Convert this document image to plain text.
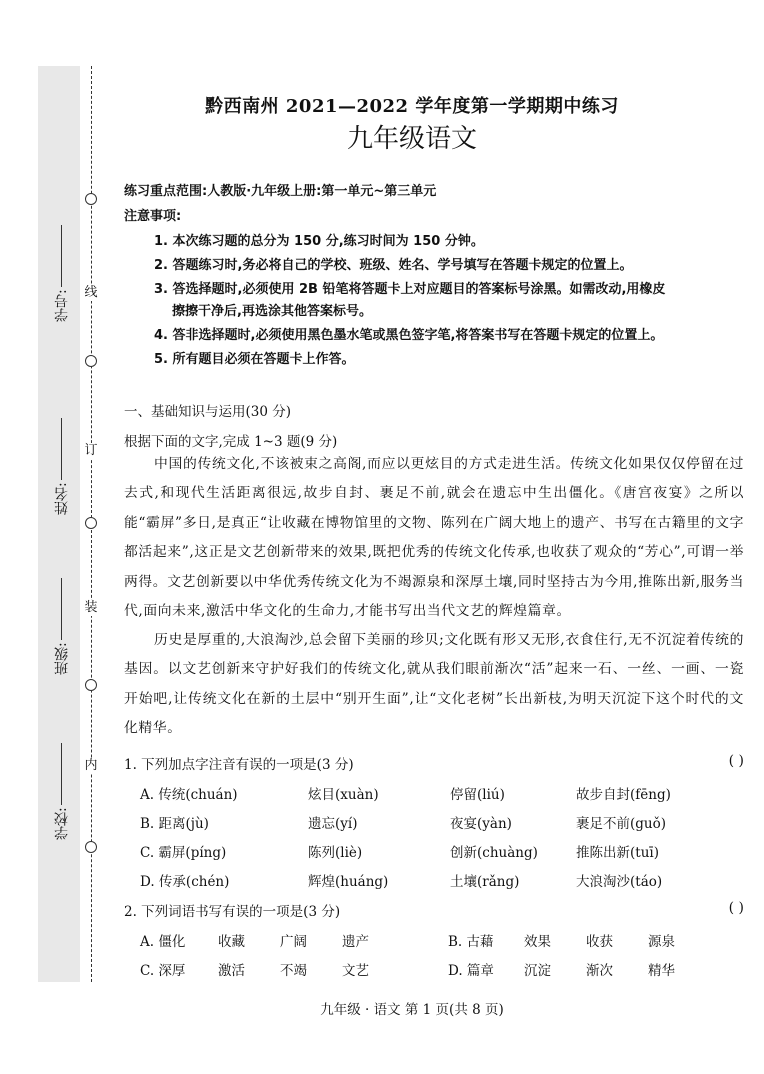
线
订
装
内
学号:
姓名:
班级:
学校:
黔西南州 2021—2022 学年度第一学期期中练习
九年级语文
练习重点范围:人教版·九年级上册:第一单元~第三单元
注意事项:
1. 本次练习题的总分为 150 分,练习时间为 150 分钟。
2. 答题练习时,务必将自己的学校、班级、姓名、学号填写在答题卡规定的位置上。
3. 答选择题时,必须使用 2B 铅笔将答题卡上对应题目的答案标号涂黑。如需改动,用橡皮
擦擦干净后,再选涂其他答案标号。
4. 答非选择题时,必须使用黑色墨水笔或黑色签字笔,将答案书写在答题卡规定的位置上。
5. 所有题目必须在答题卡上作答。
一、基础知识与运用(30 分)
根据下面的文字,完成 1~3 题(9 分)
中国的传统文化,不该被束之高阁,而应以更炫目的方式走进生活。传统文化如果仅仅停留在过去式,和现代生活距离很远,故步自封、裹足不前,就会在遗忘中生出僵化。《唐宫夜宴》之所以能“霸屏”多日,是真正“让收藏在博物馆里的文物、陈列在广阔大地上的遗产、书写在古籍里的文字都活起来”,这正是文艺创新带来的效果,既把优秀的传统文化传承,也收获了观众的“芳心”,可谓一举两得。文艺创新要以中华优秀传统文化为不竭源泉和深厚土壤,同时坚持古为今用,推陈出新,服务当代,面向未来,激活中华文化的生命力,才能书写出当代文艺的辉煌篇章。
历史是厚重的,大浪淘沙,总会留下美丽的珍贝;文化既有形又无形,衣食住行,无不沉淀着传统的基因。以文艺创新来守护好我们的传统文化,就从我们眼前渐次“活”起来一石、一丝、一画、一瓷开始吧,让传统文化在新的土层中“别开生面”,让“文化老树”长出新枝,为明天沉淀下这个时代的文化精华。
1. 下列加点字注音有误的一项是(3 分)	( )
A. 传统(chuán)	炫目(xuàn)	停留(liú)	故步自封(fēng)
B. 距离(jù)	遗忘(yí)	夜宴(yàn)	裹足不前(guǒ)
C. 霸屏(píng)	陈列(liè)	创新(chuàng)	推陈出新(tuī)
D. 传承(chén)	辉煌(huáng)	土壤(rǎng)	大浪淘沙(táo)
2. 下列词语书写有误的一项是(3 分)	( )
A. 僵化 收藏	广阔	遗产	B. 古藉 效果	收获	源泉
C. 深厚 激活	不竭	文艺	D. 篇章 沉淀	渐次	精华
九年级 · 语文 第 1 页(共 8 页)
